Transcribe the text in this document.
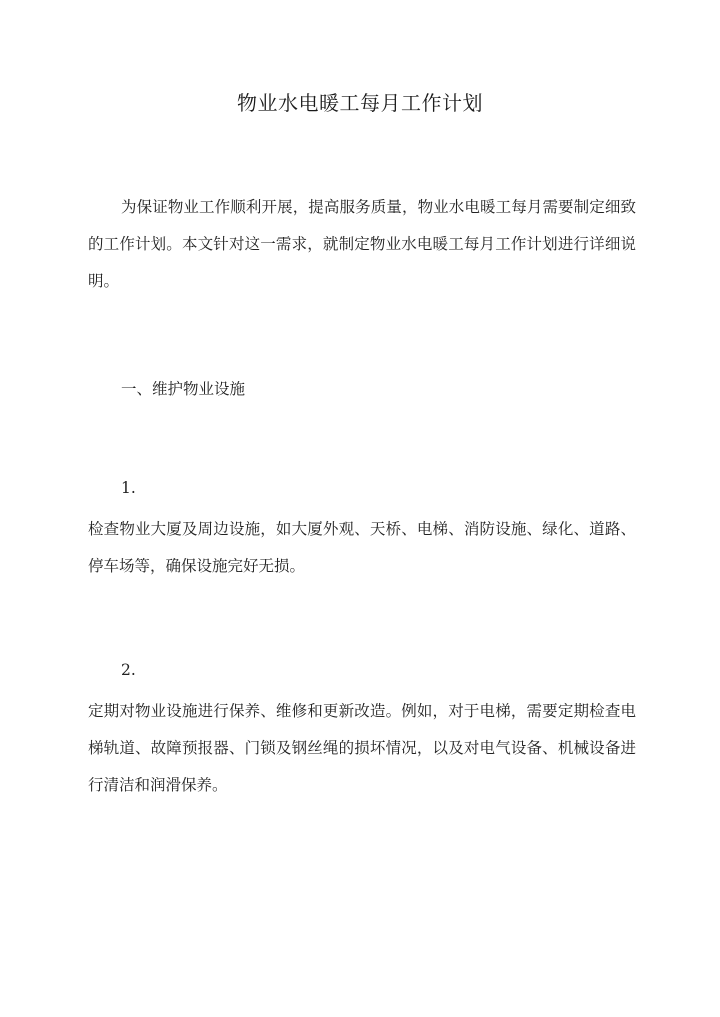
物业水电暖工每月工作计划
为保证物业工作顺利开展，提高服务质量，物业水电暖工每月需要制定细致的工作计划。本文针对这一需求，就制定物业水电暖工每月工作计划进行详细说明。
一、维护物业设施
1.
检查物业大厦及周边设施，如大厦外观、天桥、电梯、消防设施、绿化、道路、停车场等，确保设施完好无损。
2.
定期对物业设施进行保养、维修和更新改造。例如，对于电梯，需要定期检查电梯轨道、故障预报器、门锁及钢丝绳的损坏情况，以及对电气设备、机械设备进行清洁和润滑保养。
